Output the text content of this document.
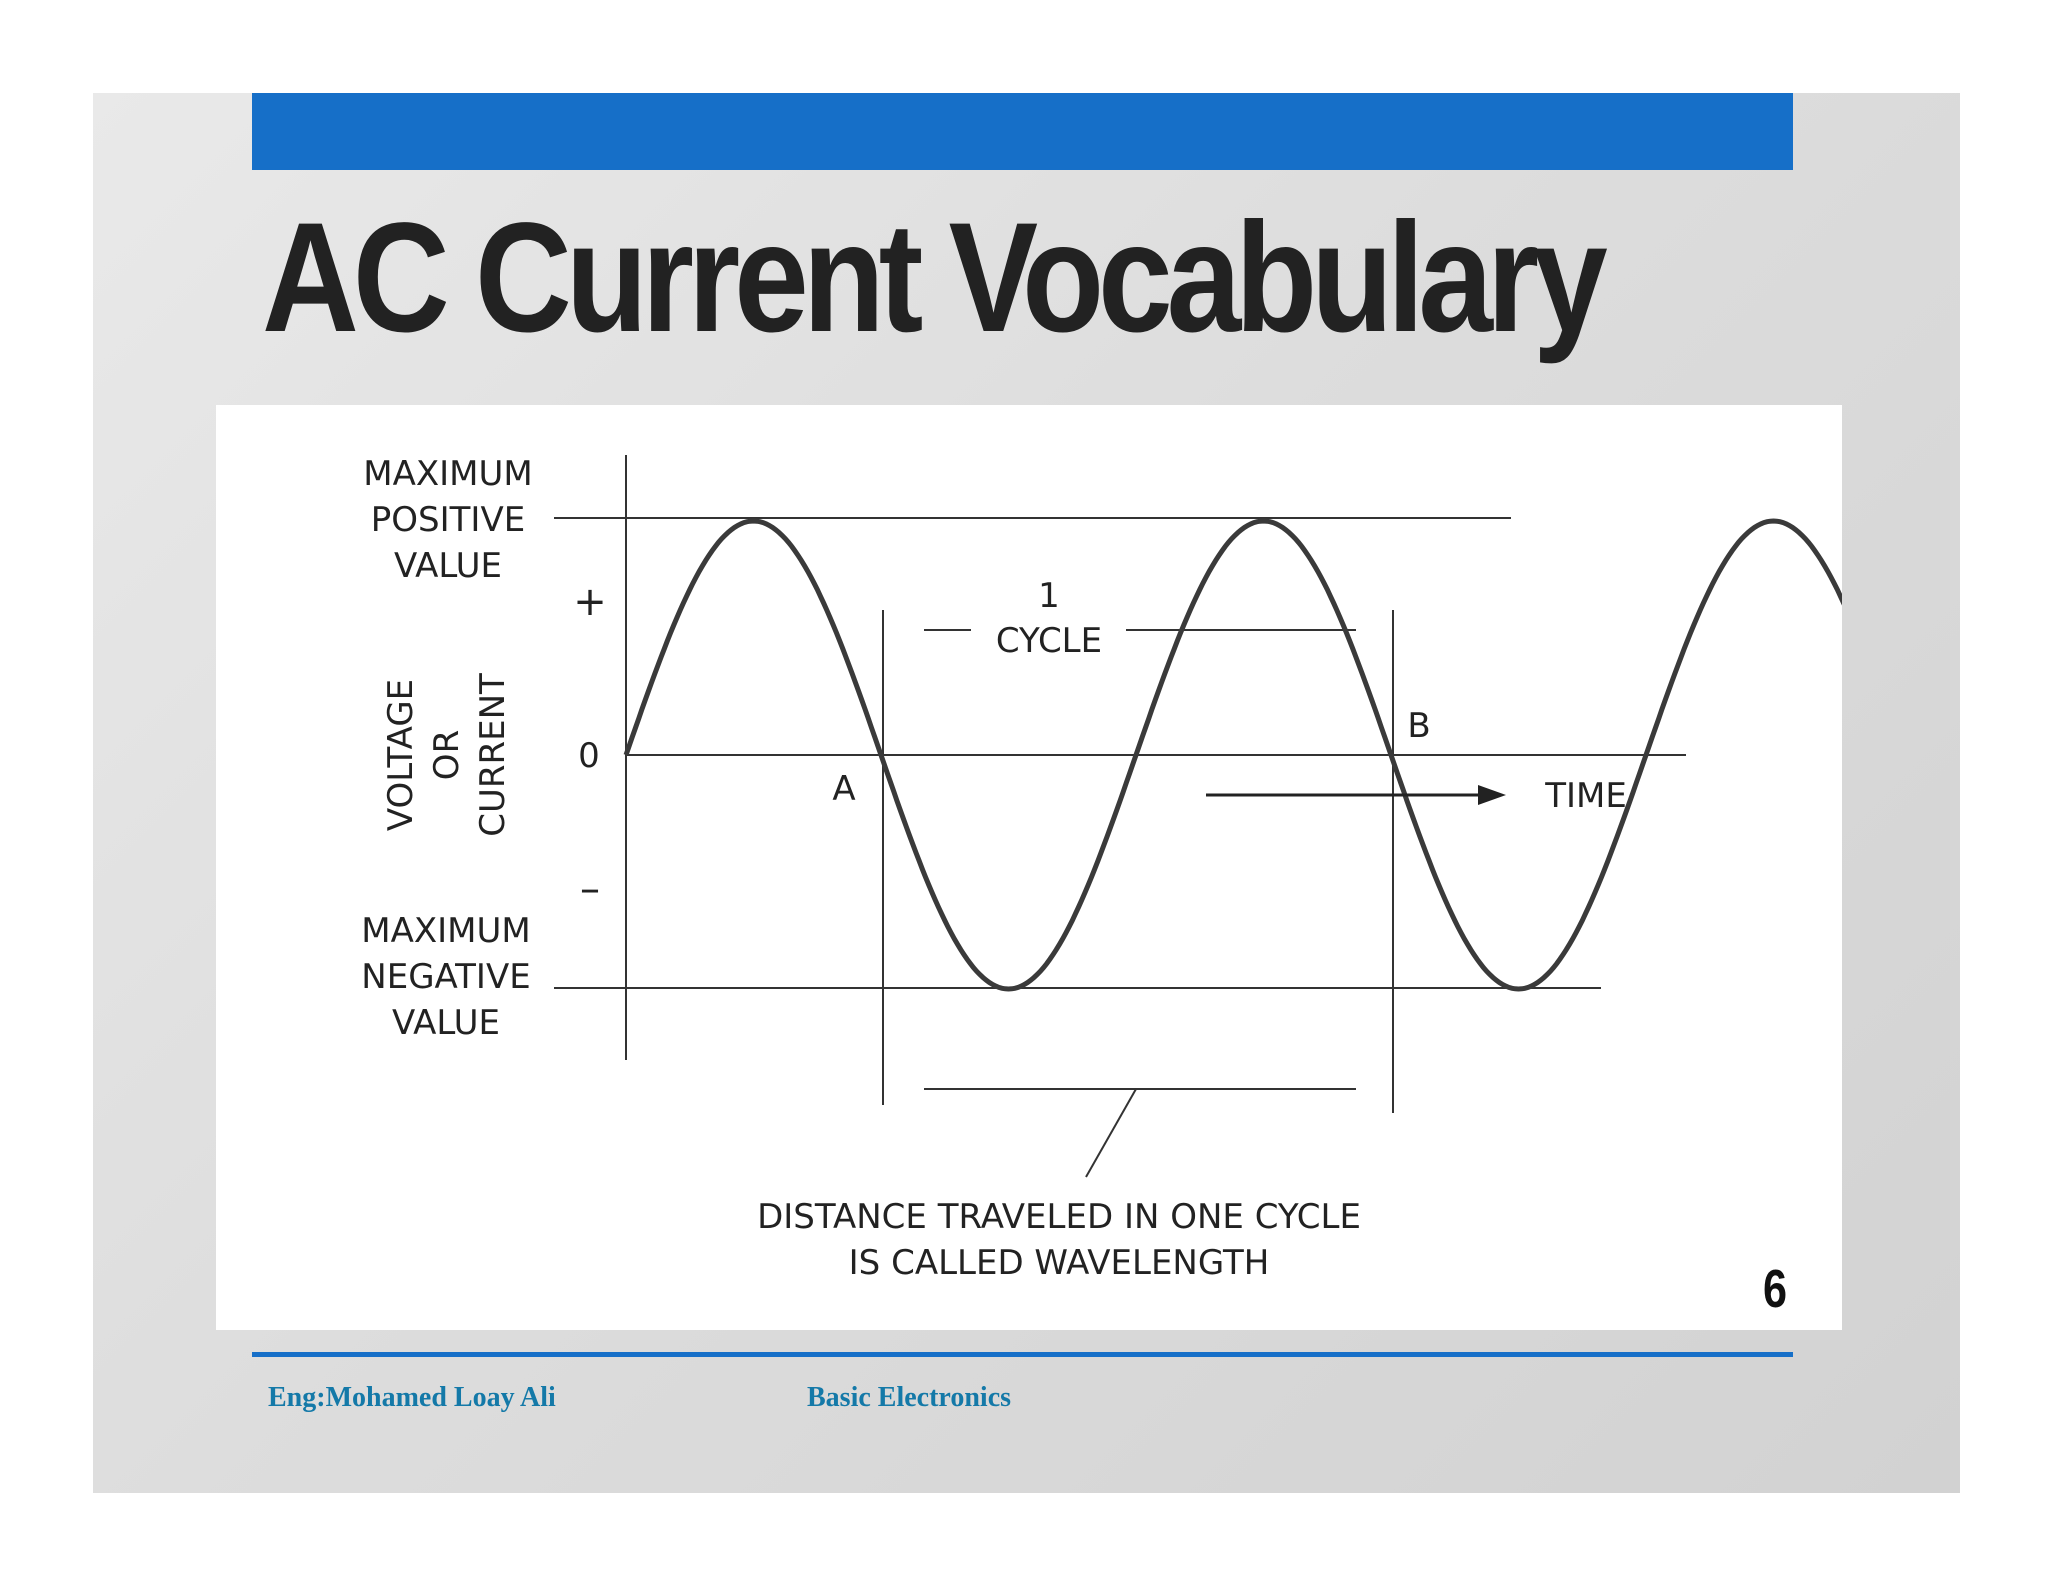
AC Current Vocabulary
MAXIMUM
POSITIVE
VALUE
MAXIMUM
NEGATIVE
VALUE
VOLTAGE OR CURRENT
+
0
–
1
CYCLE
A
B
TIME
DISTANCE TRAVELED IN ONE CYCLE
IS CALLED WAVELENGTH	6
Eng:Mohamed Loay Ali	Basic Electronics
